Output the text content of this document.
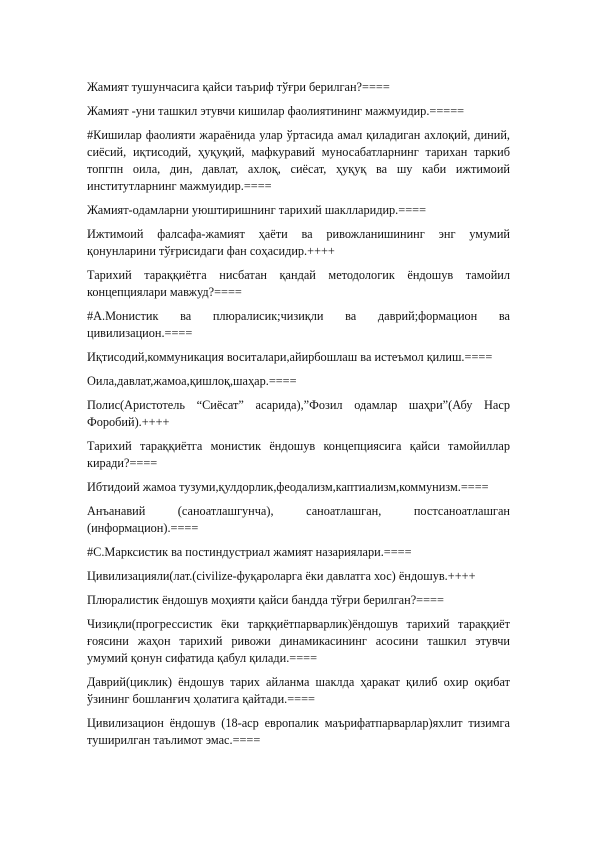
Жамият тушунчасига қайси таъриф тўғри берилган?====

Жамият -уни ташкил этувчи кишилар фаолиятининг мажмуидир.=====

#Кишилар фаолияти жараёнида улар ўртасида амал қиладиган ахлоқий, диний, сиёсий, иқтисодий, ҳуқуқий, мафкуравий муносабатларнинг тарихан таркиб топгпн оила, дин, давлат, ахлоқ, сиёсат, ҳуқуқ ва шу каби ижтимоий институтларнинг мажмуидир.====

Жамият-одамларни уюштиришнинг тарихий шаклларидир.====

Ижтимоий фалсафа-жамият ҳаёти ва ривожланишининг энг умумий қонунларини тўғрисидаги фан соҳасидир.++++

Тарихий тараққиётга нисбатан қандай методологик ёндошув тамойил концепциялари мавжуд?====

#А.Монистик ва плюралисик;чизиқли ва даврий;формацион ва цивилизацион.====

Иқтисодий,коммуникация воситалари,айирбошлаш ва истеъмол қилиш.====

Оила,давлат,жамоа,қишлоқ,шаҳар.====

Полис(Аристотель “Сиёсат” асарида),”Фозил одамлар шаҳри”(Абу Наср Форобий).++++

Тарихий тараққиётга монистик ёндошув концепциясига қайси тамойиллар киради?====

Ибтидоий жамоа тузуми,қулдорлик,феодализм,каптиализм,коммунизм.====

Анъанавий (саноатлашгунча), саноатлашган, постсаноатлашган (информацион).====

#С.Марксистик ва постиндустриал жамият назариялари.====

Цивилизацияли(лат.(civilize-фуқароларга ёки давлатга хос) ёндошув.++++

Плюралистик ёндошув моҳияти қайси бандда тўғри берилган?====

Чизиқли(прогрессистик ёки тарққиётпарварлик)ёндошув тарихий тараққиёт ғоясини жаҳон тарихий ривожи динамикасининг асосини ташкил этувчи умумий қонун сифатида қабул қилади.====

Даврий(циклик) ёндошув тарих айланма шаклда ҳаракат қилиб охир оқибат ўзининг бошланғич ҳолатига қайтади.====

Цивилизацион ёндошув (18-аср европалик маърифатпарварлар)яхлит тизимга туширилган таълимот эмас.====
